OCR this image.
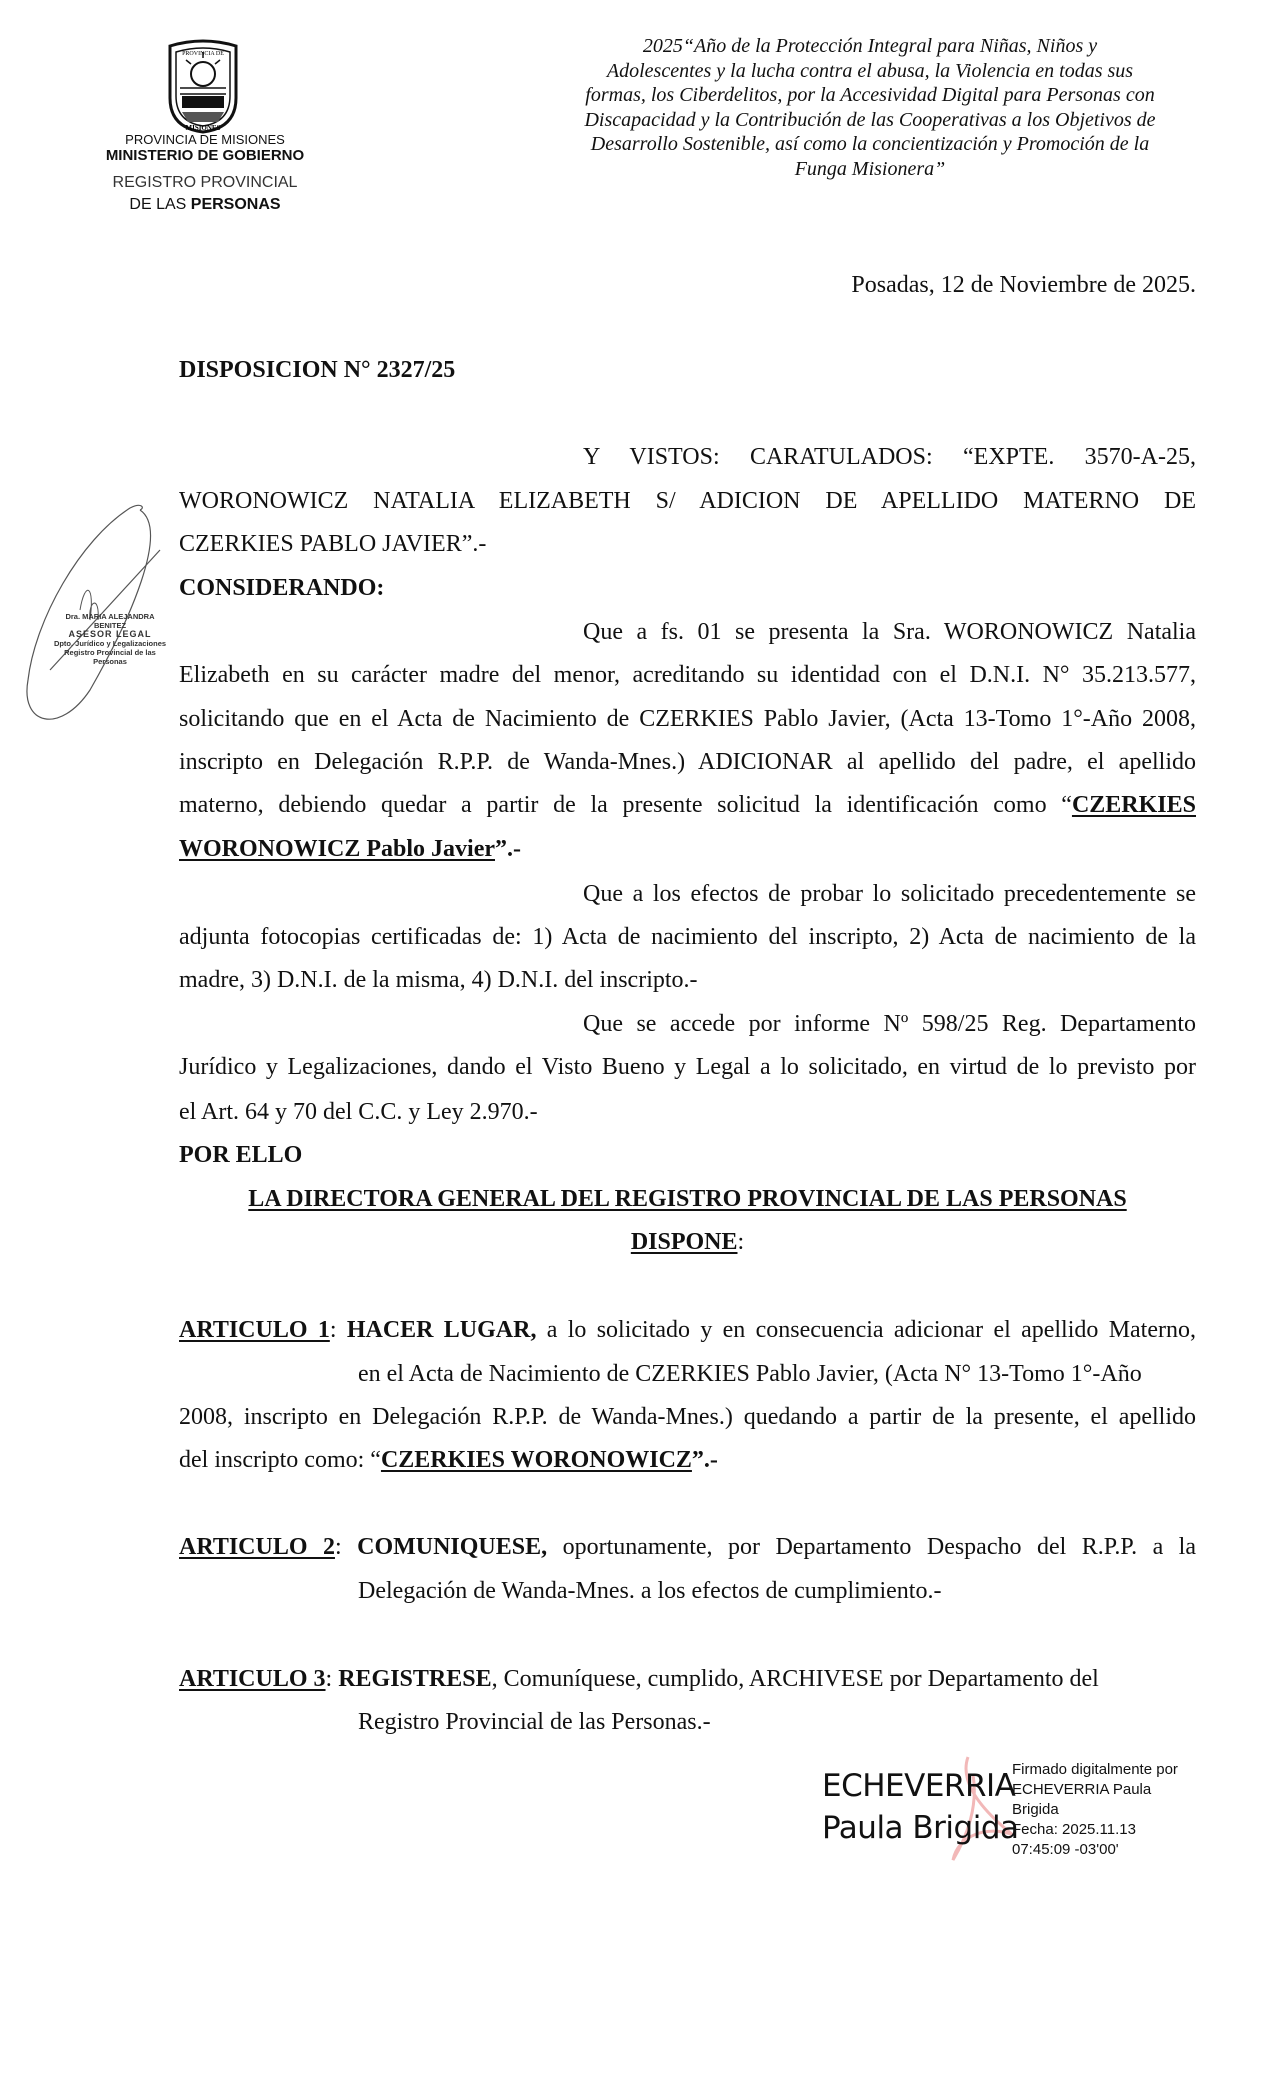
PROVINCIA DE
MISIONES
PROVINCIA DE MISIONES
MINISTERIO DE GOBIERNO
REGISTRO PROVINCIAL
DE LAS PERSONAS
2025“Año de la Protección Integral para Niñas, Niños y
Adolescentes y la lucha contra el abusa, la Violencia en todas sus
formas, los Ciberdelitos, por la Accesividad Digital para Personas con
Discapacidad y la Contribución de las Cooperativas a los Objetivos de
Desarrollo Sostenible, así como la concientización y Promoción de la
Funga Misionera”
Dra. MARIA ALEJANDRA BENITEZ
ASESOR LEGAL
Dpto. Jurídico y Legalizaciones
Registro Provincial de las Personas
Posadas, 12 de Noviembre de 2025.
DISPOSICION N° 2327/25
Y VISTOS: CARATULADOS: “EXPTE. 3570-A-25,
WORONOWICZ NATALIA ELIZABETH S/ ADICION DE APELLIDO MATERNO DE
CZERKIES PABLO JAVIER”.-
CONSIDERANDO:
Que a fs. 01 se presenta la Sra. WORONOWICZ Natalia
Elizabeth en su carácter madre del menor, acreditando su identidad con el D.N.I. N° 35.213.577,
solicitando que en el Acta de Nacimiento de CZERKIES Pablo Javier, (Acta 13-Tomo 1°-Año 2008,
inscripto en Delegación R.P.P. de Wanda-Mnes.) ADICIONAR al apellido del padre, el apellido
materno, debiendo quedar a partir de la presente solicitud la identificación como “CZERKIES
WORONOWICZ Pablo Javier”.-
Que a los efectos de probar lo solicitado precedentemente se
adjunta fotocopias certificadas de: 1) Acta de nacimiento del inscripto, 2) Acta de nacimiento de la
madre, 3) D.N.I. de la misma, 4) D.N.I. del inscripto.-
Que se accede por informe Nº 598/25 Reg. Departamento
Jurídico y Legalizaciones, dando el Visto Bueno y Legal a lo solicitado, en virtud de lo previsto por
el Art. 64 y 70 del C.C. y Ley 2.970.-
POR ELLO
LA DIRECTORA GENERAL DEL REGISTRO PROVINCIAL DE LAS PERSONAS
DISPONE:
ARTICULO 1: HACER LUGAR, a lo solicitado y en consecuencia adicionar el apellido Materno,
en el Acta de Nacimiento de CZERKIES Pablo Javier, (Acta N° 13-Tomo 1°-Año
2008, inscripto en Delegación R.P.P. de Wanda-Mnes.) quedando a partir de la presente, el apellido
del inscripto como: “CZERKIES WORONOWICZ”.-
ARTICULO 2: COMUNIQUESE, oportunamente, por Departamento Despacho del R.P.P. a la
Delegación de Wanda-Mnes. a los efectos de cumplimiento.-
ARTICULO 3: REGISTRESE, Comuníquese, cumplido, ARCHIVESE por Departamento del
Registro Provincial de las Personas.-
ECHEVERRIA
Paula Brigida
Firmado digitalmente por
ECHEVERRIA Paula
Brigida
Fecha: 2025.11.13
07:45:09 -03'00'
